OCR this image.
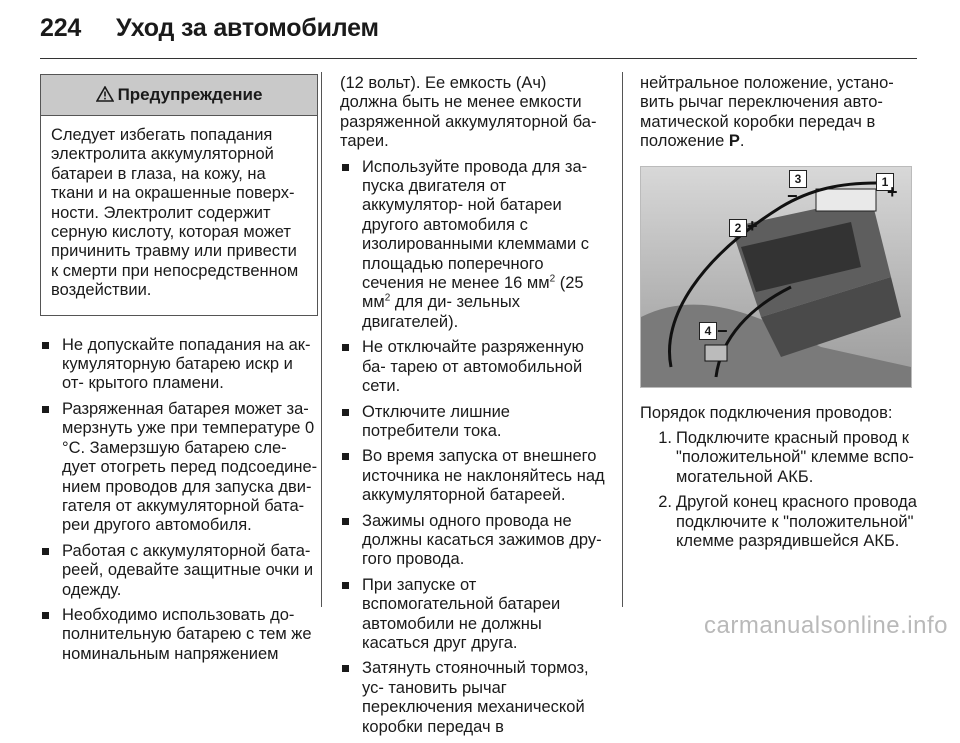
224 Уход за автомобилем
Предупреждение
Следует избегать попадания электролита аккумуляторной батареи в глаза, на кожу, на ткани и на окрашенные поверх- ности. Электролит содержит серную кислоту, которая может причинить травму или привести к смерти при непосредственном воздействии.
Не допускайте попадания на ак- кумуляторную батарею искр и от- крытого пламени.
Разряженная батарея может за- мерзнуть уже при температуре 0 °C. Замерзшую батарею сле- дует отогреть перед подсоедине- нием проводов для запуска дви- гателя от аккумуляторной бата- реи другого автомобиля.
Работая с аккумуляторной бата- реей, одевайте защитные очки и одежду.
Необходимо использовать до- полнительную батарею с тем же номинальным напряжением
(12 вольт). Ее емкость (Ач) должна быть не менее емкости разряженной аккумуляторной ба- тареи.
Используйте провода для за- пуска двигателя от аккумулятор- ной батареи другого автомобиля с изолированными клеммами с площадью поперечного сечения не менее 16 $мм^2$ (25 $мм^2$ для ди- зельных двигателей).
Не отключайте разряженную ба- тарею от автомобильной сети.
Отключите лишние потребители тока.
Во время запуска от внешнего источника не наклоняйтесь над аккумуляторной батареей.
Зажимы одного провода не должны касаться зажимов дру- гого провода.
При запуске от вспомогательной батареи автомобили не должны касаться друг друга.
Затянуть стояночный тормоз, ус- тановить рычаг переключения механической коробки передач в
нейтральное положение, устано- вить рычаг переключения авто- матической коробки передач в положение P.
1
2
3
4
+
+
−
−
Порядок подключения проводов:
1. Подключите красный провод к "положительной" клемме вспо- могательной АКБ.
2. Другой конец красного провода подключите к "положительной" клемме разрядившейся АКБ.
carmanualsonline.info
